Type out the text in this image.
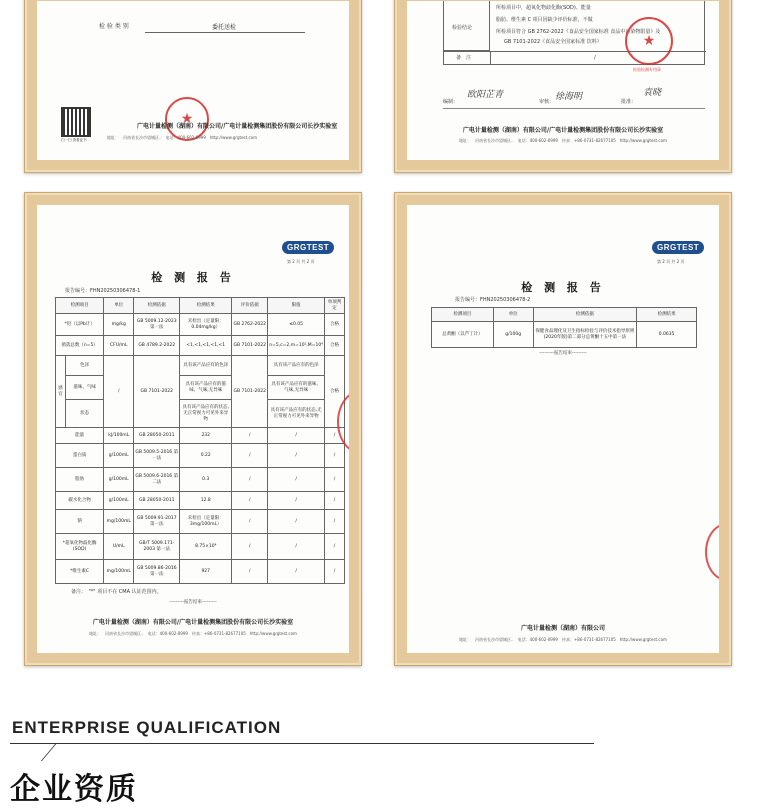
检 验 类 别	委托送检
扫一扫 查看证书
★
广电计量检测（湖南）有限公司/广电计量检测集团股份有限公司长沙实验室
地址：　河南省长沙市望城区..　电话：400-602-0999　http://www.grgtest.com
检验结论
所检项目中，超氧化物歧化酶(SOD)、能量
脂肪、维生素 C 项目因缺少评价标准，不做
所检项目符合 GB 2762-2022《食品安全国家标准 食品中污染物限量》及
GB 7101-2022《食品安全国家标准 饮料》
备　注	/
★
检验检测专用章
编制：
欧阳芷青
审核： 徐海明	批准：
袁晓
广电计量检测（湖南）有限公司/广电计量检测集团股份有限公司长沙实验室
地址：　河南省长沙市望城区..　电话：400-602-0999　传真：+86-0731-82677105　http://www.grgtest.com
GRGTEST
第 2 页 共 2 页
检 测 报 告
报告编号：FHN20250306478-1
检测项目		单位	检测依据	检测结果	评价依据	限值	单项判定
*铅（以Pb计）		mg/kg	GB 5009.12-2023 第一法	未检出（定量限：0.04mg/kg）	GB 2762-2022	≤0.05	合格
菌落总数（n=5）		CFU/mL	GB 4789.2-2022	<1,<1,<1,<1,<1	GB 7101-2022	n=5,c=2,m=10²,M=10⁴	合格
感官	色泽	/	GB 7101-2022	具有该产品应有的色泽	GB 7101-2022	具有该产品应有的色泽	合格
	滋味、气味			具有该产品应有的滋味、气味,无异味		具有该产品应有的滋味、气味,无异味	
	状态			具有该产品应有的状态,无正常视力可见外来异物		具有该产品应有的状态,无正常视力可见外来异物	
能量		kJ/100mL	GB 28050-2011	232	/	/	/
蛋白质		g/100mL	GB 5009.5-2016 第一法	0.22	/	/	/
脂肪		g/100mL	GB 5009.6-2016 第二法	0.3	/	/	/
碳水化合物		g/100mL	GB 28050-2011	12.8	/	/	/
钠		mg/100mL	GB 5009.91-2017 第一法	未检出（定量限：3mg/100mL）	/	/	/
*超氧化物歧化酶(SOD)		U/mL	GB/T 5009.171-2003 第一法	8.75×10⁴	/	/	/
*维生素C		mg/100mL	GB 5009.86-2016 第一法	927	/	/	/
备注：　"*" 项目不在 CMA 认证范围内。
---------报告结束---------
广电计量检测（湖南）有限公司/广电计量检测集团股份有限公司长沙实验室
地址：　河南省长沙市望城区..　电话：400-602-0999　传真：+86-0731-82677105　http://www.grgtest.com
GRGTEST
第 2 页 共 2 页
检 测 报 告
报告编号：FHN20250306478-2
检测项目	单位	检测依据	检测结果
总黄酮（以芦丁计）	g/100g	保健食品理化及卫生指标检验与评价技术指导原则(2020年版)第二部分总黄酮十五中第一法	0.0635
---------报告结束---------
广电计量检测（湖南）有限公司
地址：　河南省长沙市望城区..　电话：400-602-0999　传真：+86-0731-82677105　http://www.grgtest.com
ENTERPRISE QUALIFICATION
企业资质
